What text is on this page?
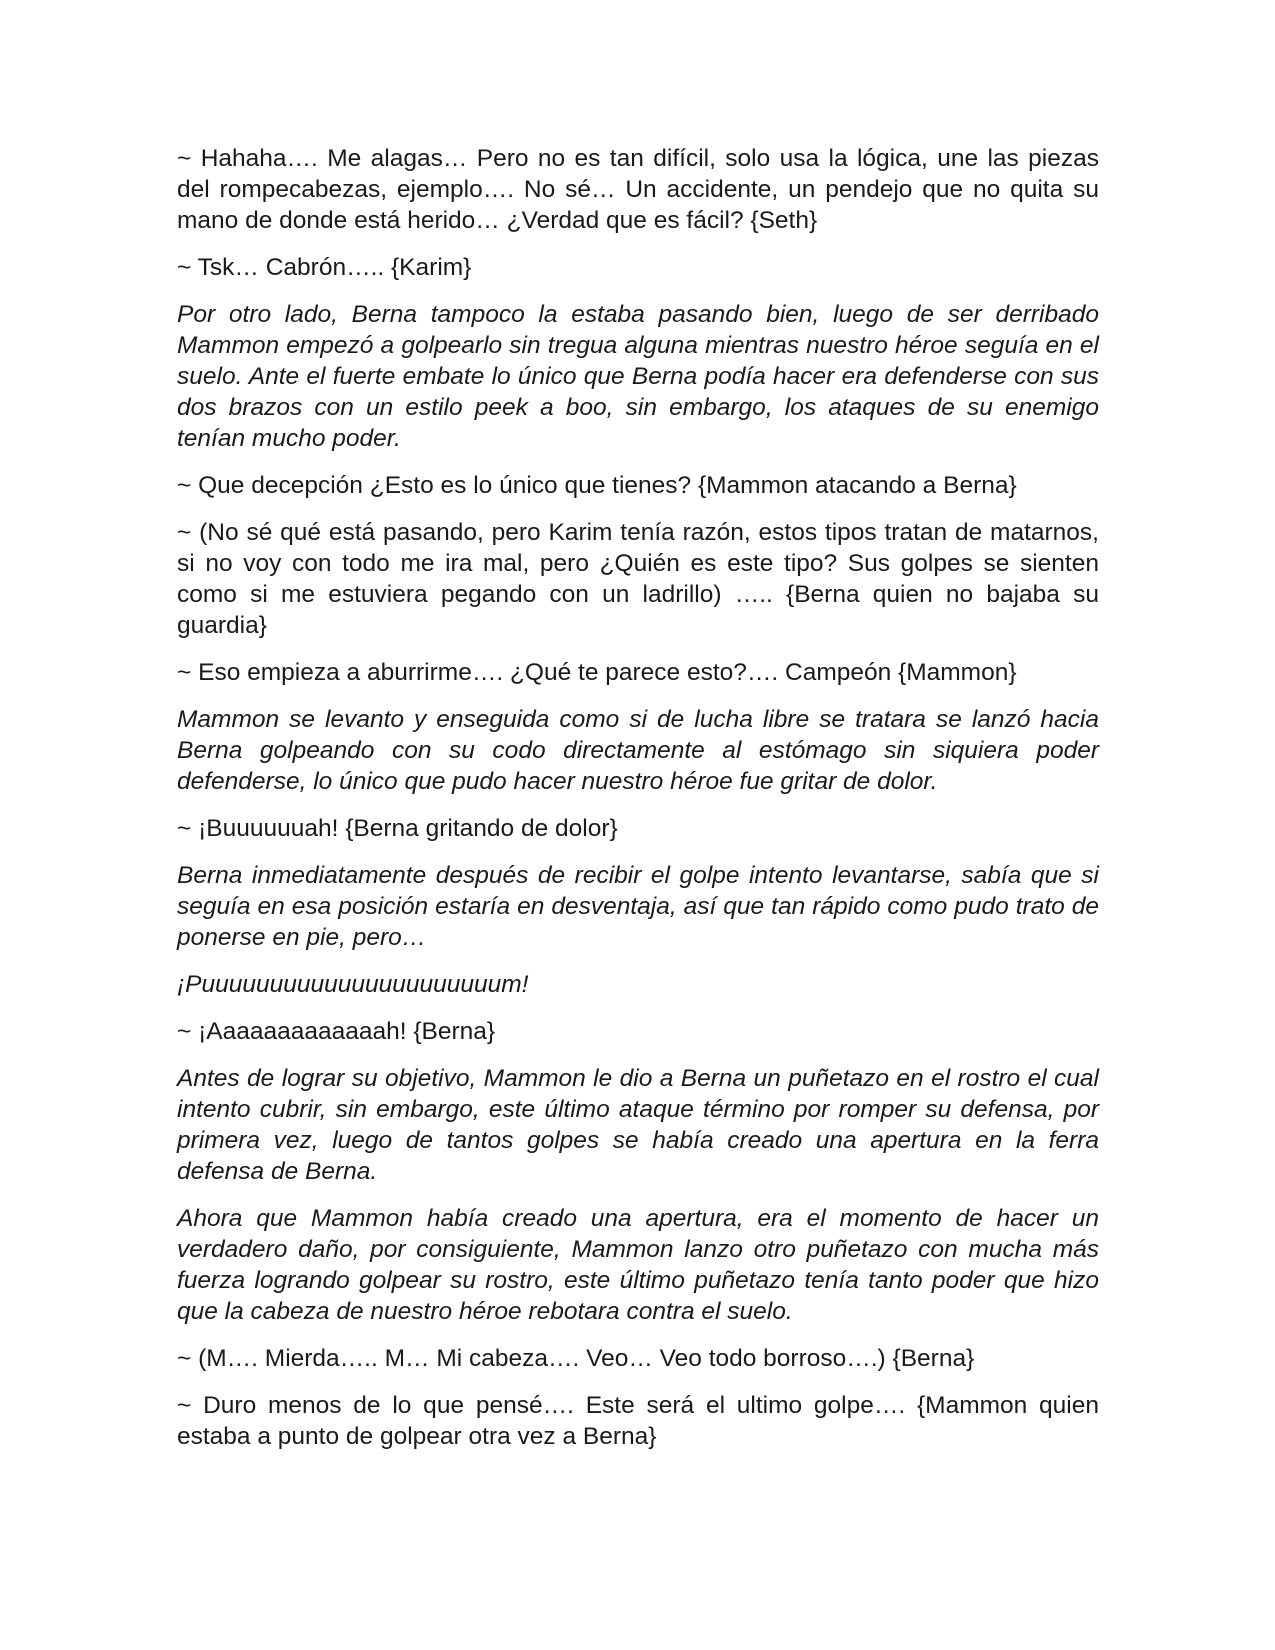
~ Hahaha…. Me alagas… Pero no es tan difícil, solo usa la lógica, une las piezas del rompecabezas, ejemplo…. No sé… Un accidente, un pendejo que no quita su mano de donde está herido… ¿Verdad que es fácil? {Seth}

~ Tsk… Cabrón….. {Karim}

Por otro lado, Berna tampoco la estaba pasando bien, luego de ser derribado Mammon empezó a golpearlo sin tregua alguna mientras nuestro héroe seguía en el suelo. Ante el fuerte embate lo único que Berna podía hacer era defenderse con sus dos brazos con un estilo peek a boo, sin embargo, los ataques de su enemigo tenían mucho poder.

~ Que decepción ¿Esto es lo único que tienes? {Mammon atacando a Berna}

~ (No sé qué está pasando, pero Karim tenía razón, estos tipos tratan de matarnos, si no voy con todo me ira mal, pero ¿Quién es este tipo? Sus golpes se sienten como si me estuviera pegando con un ladrillo) ….. {Berna quien no bajaba su guardia}

~ Eso empieza a aburrirme…. ¿Qué te parece esto?…. Campeón {Mammon}

Mammon se levanto y enseguida como si de lucha libre se tratara se lanzó hacia Berna golpeando con su codo directamente al estómago sin siquiera poder defenderse, lo único que pudo hacer nuestro héroe fue gritar de dolor.

~ ¡Buuuuuuah! {Berna gritando de dolor}

Berna inmediatamente después de recibir el golpe intento levantarse, sabía que si seguía en esa posición estaría en desventaja, así que tan rápido como pudo trato de ponerse en pie, pero…

¡Puuuuuuuuuuuuuuuuuuuuuum!

~ ¡Aaaaaaaaaaaaah! {Berna}

Antes de lograr su objetivo, Mammon le dio a Berna un puñetazo en el rostro el cual intento cubrir, sin embargo, este último ataque término por romper su defensa, por primera vez, luego de tantos golpes se había creado una apertura en la ferra defensa de Berna.

Ahora que Mammon había creado una apertura, era el momento de hacer un verdadero daño, por consiguiente, Mammon lanzo otro puñetazo con mucha más fuerza logrando golpear su rostro, este último puñetazo tenía tanto poder que hizo que la cabeza de nuestro héroe rebotara contra el suelo.

~ (M…. Mierda….. M… Mi cabeza…. Veo… Veo todo borroso….) {Berna}

~ Duro menos de lo que pensé…. Este será el ultimo golpe…. {Mammon quien estaba a punto de golpear otra vez a Berna}
